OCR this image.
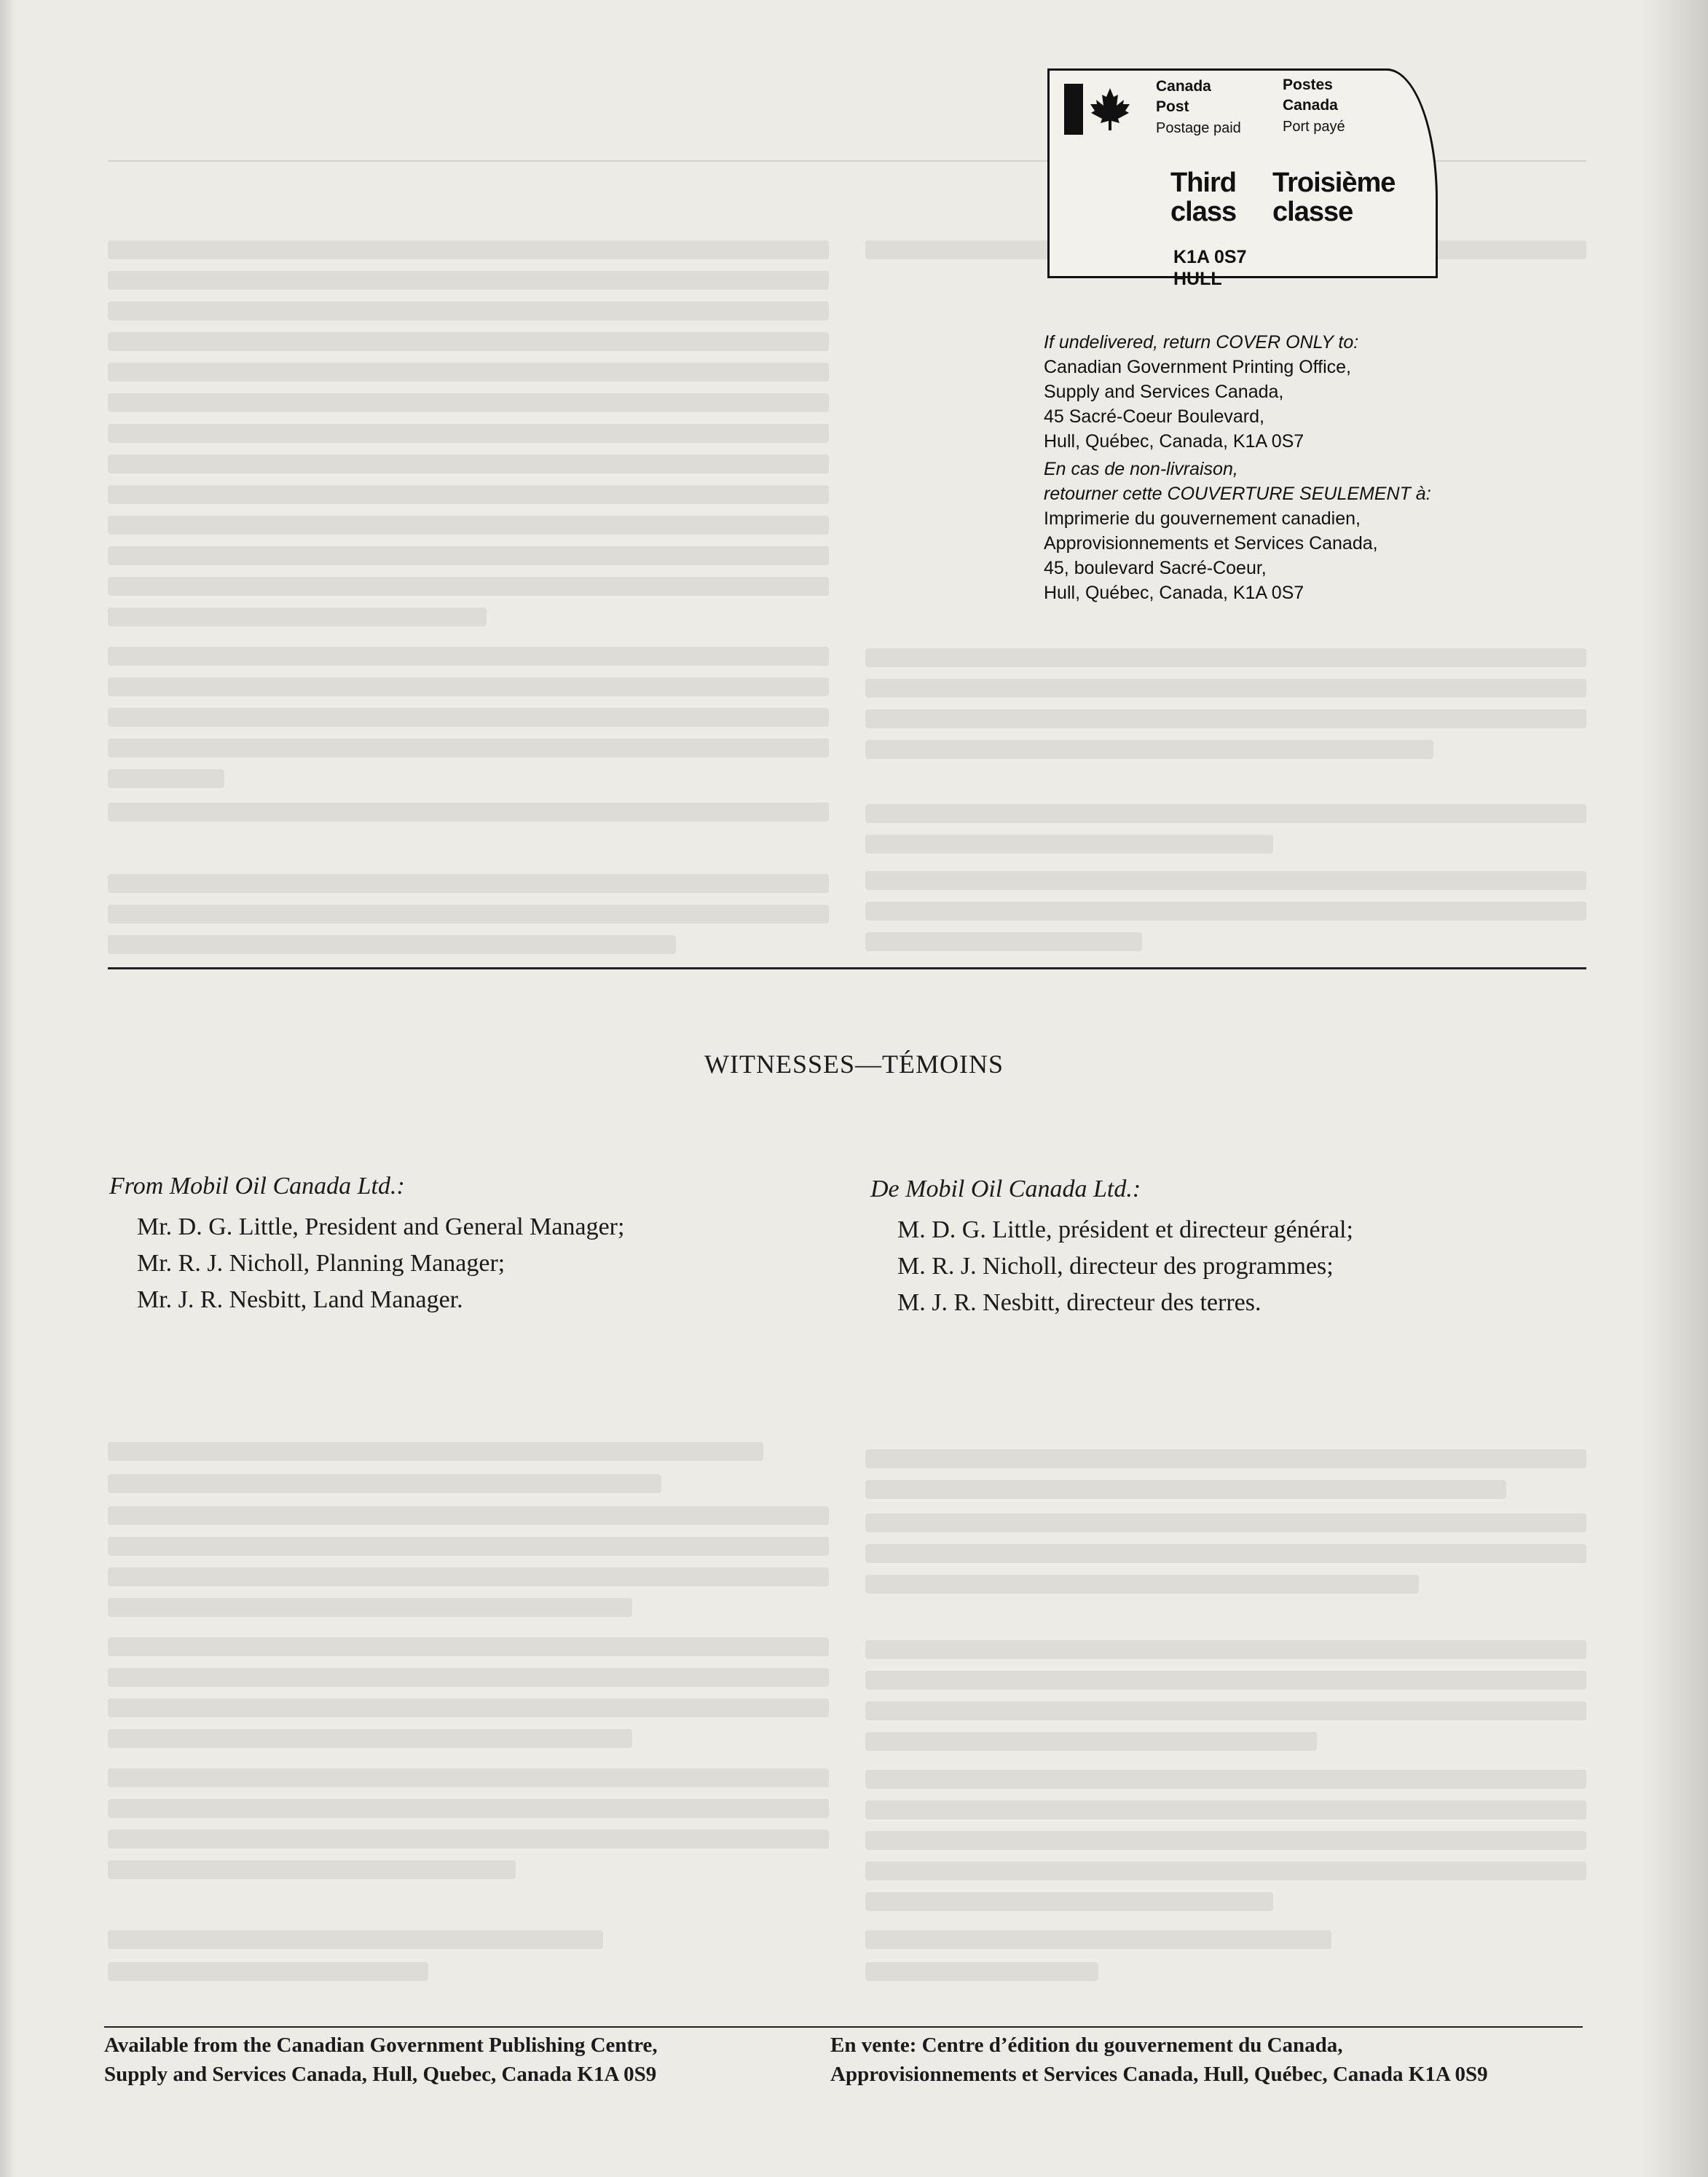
Canada
Post
Postage paid
Postes
Canada
Port payé
Third
class
Troisième
classe
K1A 0S7
HULL
If undelivered, return COVER ONLY to:
Canadian Government Printing Office,
Supply and Services Canada,
45 Sacré-Coeur Boulevard,
Hull, Québec, Canada, K1A 0S7
En cas de non-livraison,
retourner cette COUVERTURE SEULEMENT à:
Imprimerie du gouvernement canadien,
Approvisionnements et Services Canada,
45, boulevard Sacré-Coeur,
Hull, Québec, Canada, K1A 0S7
WITNESSES—TÉMOINS
From Mobil Oil Canada Ltd.:
Mr. D. G. Little, President and General Manager;
Mr. R. J. Nicholl, Planning Manager;
Mr. J. R. Nesbitt, Land Manager.
De Mobil Oil Canada Ltd.:
M. D. G. Little, président et directeur général;
M. R. J. Nicholl, directeur des programmes;
M. J. R. Nesbitt, directeur des terres.
Available from the Canadian Government Publishing Centre,
Supply and Services Canada, Hull, Quebec, Canada K1A 0S9
En vente: Centre d’édition du gouvernement du Canada,
Approvisionnements et Services Canada, Hull, Québec, Canada K1A 0S9
